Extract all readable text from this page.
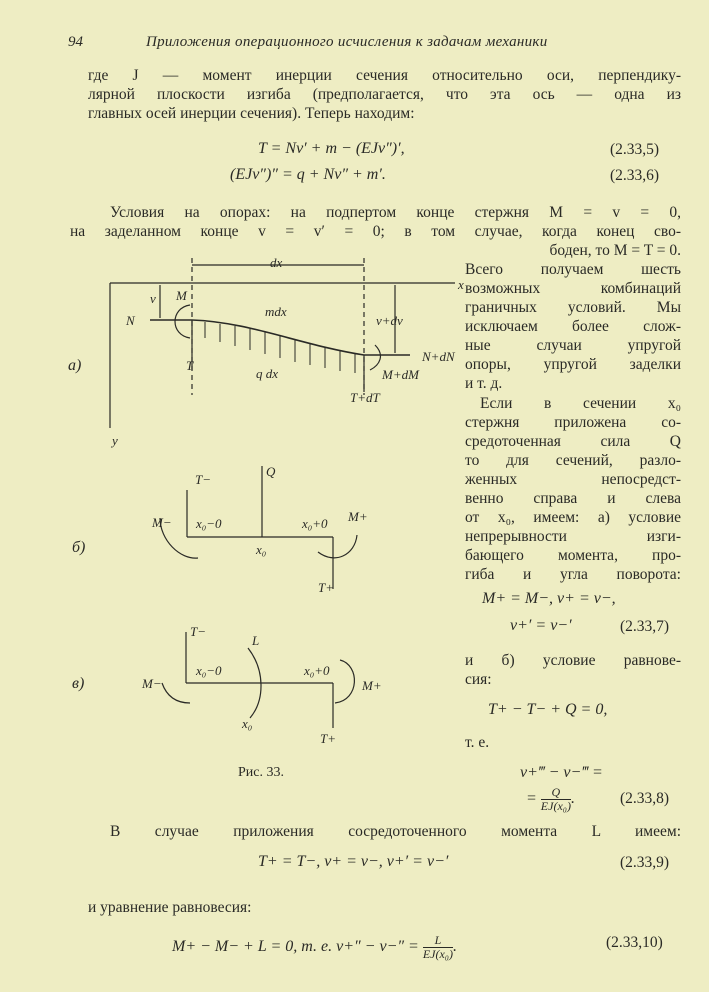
94	Приложения операционного исчисления к задачам механики
где J — момент инерции сечения относительно оси, перпендику-
лярной плоскости изгиба (предполагается, что эта ось — одна из
главных осей инерции сечения). Теперь находим:
T = Nv′ + m − (EJv″)′,	(2.33,5)
(EJv″)″ = q + Nv″ + m′.	(2.33,6)
Условия на опорах: на подпертом конце стержня M = v = 0,
на заделанном конце v = v′ = 0; в том случае, когда конец сво-
боден, то M = T = 0.
Всего получаем шесть
возможных комбинаций
граничных условий. Мы
исключаем более слож-
ные случаи упругой
опоры, упругой заделки
и т. д.
Если в сечении x₀
стержня приложена со-
средоточенная сила Q
то для сечений, разло-
женных непосредст-
венно справа и слева
от x₀, имеем: а) условие
непрерывности изги-
бающего момента, про-
гиба и угла поворота:
M+ = M−, v+ = v−,
v+′ = v−′	(2.33,7)
и б) условие равнове-
сия:
T+ − T− + Q = 0,
т. е.
v+‴ − v−‴ =
= $\frac{Q}{\text{EJ(x₀)}}$ .	(2.33,8)
В случае приложения сосредоточенного момента L имеем:
T+ = T−, v+ = v−, v+′ = v−′	(2.33,9)
и уравнение равновесия:
M+ − M− + L = 0, т. е. $v+'' - v-'' = \frac{L}{\text{EJ(x₀)}}$ .	(2.33,10)
а)
dx
x
y
v M
N
mdx
v+dv
N+dN
T
q dx	M+dM
T+dT
б)
T−
Q
M− x₀−0	x₀+0 M+
x₀
T+
в)
T−
L
M−
x₀−0	x₀+0
M+
x₀
T+
Рис. 33.
